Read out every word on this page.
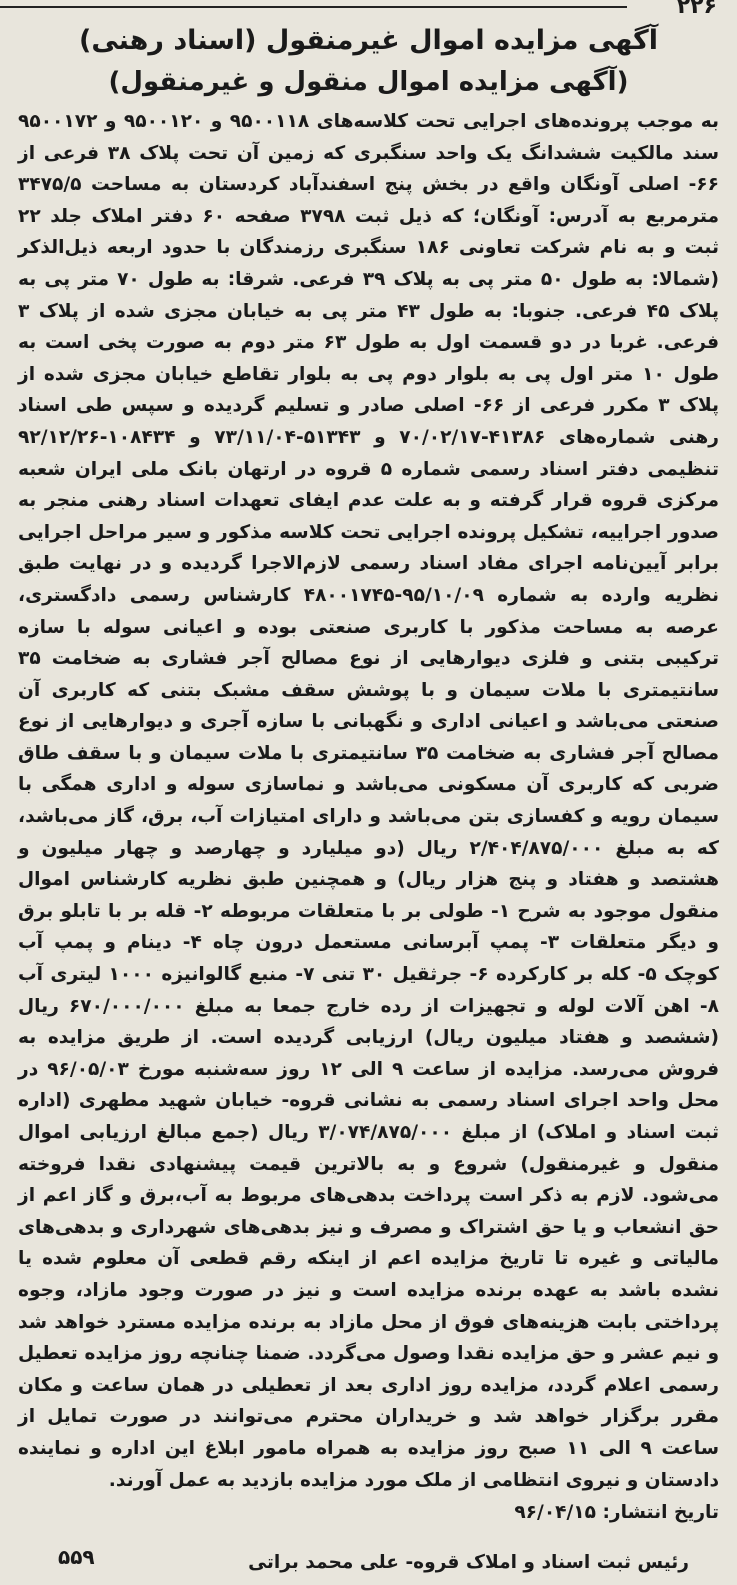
۲۲۶
آگهی مزایده اموال غیرمنقول (اسناد رهنی)
(آگهی مزایده اموال منقول و غیرمنقول)

به موجب پرونده‌های اجرایی تحت کلاسه‌های ۹۵۰۰۱۱۸ و ۹۵۰۰۱۲۰ و ۹۵۰۰۱۷۲ سند مالکیت ششدانگ یک واحد سنگبری که زمین آن تحت پلاک ۳۸ فرعی از ۶۶- اصلی آونگان واقع در بخش پنج اسفندآباد کردستان به مساحت ۳۴۷۵/۵ مترمربع به آدرس: آونگان؛ که ذیل ثبت ۳۷۹۸ صفحه ۶۰ دفتر املاک جلد ۲۲ ثبت و به نام شرکت تعاونی ۱۸۶ سنگبری رزمندگان با حدود اربعه ذیل‌الذکر (شمالا: به طول ۵۰ متر پی به پلاک ۳۹ فرعی. شرقا: به طول ۷۰ متر پی به پلاک ۴۵ فرعی. جنوبا: به طول ۴۳ متر پی به خیابان مجزی شده از پلاک ۳ فرعی. غربا در دو قسمت اول به طول ۶۳ متر دوم به صورت پخی است به طول ۱۰ متر اول پی به بلوار دوم پی به بلوار تقاطع خیابان مجزی شده از پلاک ۳ مکرر فرعی از ۶۶- اصلی صادر و تسلیم گردیده و سپس طی اسناد رهنی شماره‌های ۴۱۳۸۶-۷۰/۰۲/۱۷ و ۵۱۳۴۳-۷۳/۱۱/۰۴ و ۱۰۸۴۳۴-۹۲/۱۲/۲۶ تنظیمی دفتر اسناد رسمی شماره ۵ قروه در ارتهان بانک ملی ایران شعبه مرکزی قروه قرار گرفته و به علت عدم ایفای تعهدات اسناد رهنی منجر به صدور اجراییه، تشکیل پرونده اجرایی تحت کلاسه مذکور و سیر مراحل اجرایی برابر آیین‌نامه اجرای مفاد اسناد رسمی لازم‌الاجرا گردیده و در نهایت طبق نظریه وارده به شماره ۹۵/۱۰/۰۹-۴۸۰۰۱۷۴۵ کارشناس رسمی دادگستری، عرصه به مساحت مذکور با کاربری صنعتی بوده و اعیانی سوله با سازه ترکیبی بتنی و فلزی دیوارهایی از نوع مصالح آجر فشاری به ضخامت ۳۵ سانتیمتری با ملات سیمان و با پوشش سقف مشبک بتنی که کاربری آن صنعتی می‌باشد و اعیانی اداری و نگهبانی با سازه آجری و دیوارهایی از نوع مصالح آجر فشاری به ضخامت ۳۵ سانتیمتری با ملات سیمان و با سقف طاق ضربی که کاربری آن مسکونی می‌باشد و نماسازی سوله و اداری همگی با سیمان رویه و کفسازی بتن می‌باشد و دارای امتیازات آب، برق، گاز می‌باشد، که به مبلغ ۲/۴۰۴/۸۷۵/۰۰۰ ریال (دو میلیارد و چهارصد و چهار میلیون و هشتصد و هفتاد و پنج هزار ریال) و همچنین طبق نظریه کارشناس اموال منقول موجود به شرح ۱- طولی بر با متعلقات مربوطه ۲- قله بر با تابلو برق و دیگر متعلقات ۳- پمپ آبرسانی مستعمل درون چاه ۴- دینام و پمپ آب کوچک ۵- کله بر کارکرده ۶- جرثقیل ۳۰ تنی ۷- منبع گالوانیزه ۱۰۰۰ لیتری آب ۸- اهن آلات لوله و تجهیزات از رده خارج جمعا به مبلغ ۶۷۰/۰۰۰/۰۰۰ ریال (ششصد و هفتاد میلیون ریال) ارزیابی گردیده است. از طریق مزایده به فروش می‌رسد. مزایده از ساعت ۹ الی ۱۲ روز سه‌شنبه مورخ ۹۶/۰۵/۰۳ در محل واحد اجرای اسناد رسمی به نشانی قروه- خیابان شهید مطهری (اداره ثبت اسناد و املاک) از مبلغ ۳/۰۷۴/۸۷۵/۰۰۰ ریال (جمع مبالغ ارزیابی اموال منقول و غیرمنقول) شروع و به بالاترین قیمت پیشنهادی نقدا فروخته می‌شود. لازم به ذکر است پرداخت بدهی‌های مربوط به آب،برق و گاز اعم از حق انشعاب و یا حق اشتراک و مصرف و نیز بدهی‌های شهرداری و بدهی‌های مالیاتی و غیره تا تاریخ مزایده اعم از اینکه رقم قطعی آن معلوم شده یا نشده باشد به عهده برنده مزایده است و نیز در صورت وجود مازاد، وجوه پرداختی بابت هزینه‌های فوق از محل مازاد به برنده مزایده مسترد خواهد شد و نیم عشر و حق مزایده نقدا وصول می‌گردد. ضمنا چنانچه روز مزایده تعطیل رسمی اعلام گردد، مزایده روز اداری بعد از تعطیلی در همان ساعت و مکان مقرر برگزار خواهد شد و خریداران محترم می‌توانند در صورت تمایل از ساعت ۹ الی ۱۱ صبح روز مزایده به همراه مامور ابلاغ این اداره و نماینده دادستان و نیروی انتظامی از ملک مورد مزایده بازدید به عمل آورند.

تاریخ انتشار: ۹۶/۰۴/۱۵
رئیس ثبت اسناد و املاک قروه- علی محمد براتی
۵۵۹
